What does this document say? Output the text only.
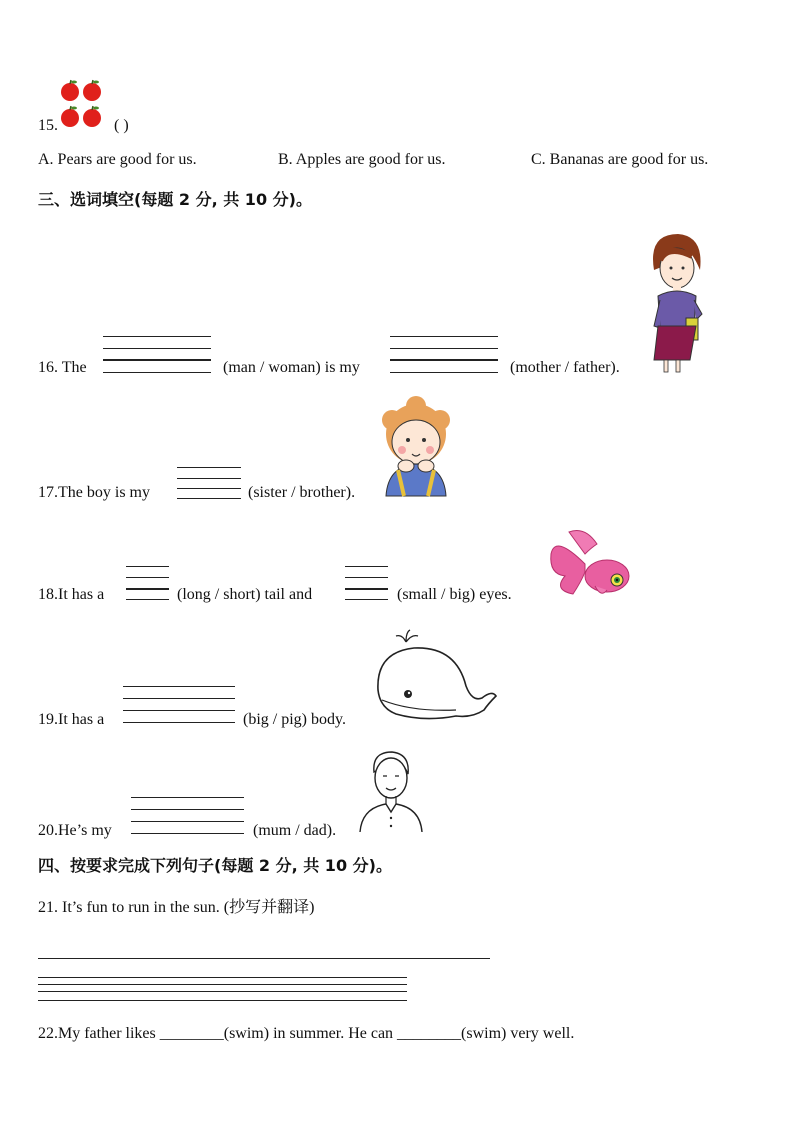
15.	( )
A. Pears are good for us.	B. Apples are good for us.	C. Bananas are good for us.
三、选词填空(每题 2 分, 共 10 分)。
16. The	(man / woman) is my	(mother / father).
17.The boy is my	(sister / brother).
18.It has a	(long / short) tail and	(small / big) eyes.
19.It has a	(big / pig) body.
20.He’s my	(mum / dad).
四、按要求完成下列句子(每题 2 分, 共 10 分)。
21. It’s fun to run in the sun. (抄写并翻译)
22.My father likes ________(swim) in summer. He can ________(swim) very well.
